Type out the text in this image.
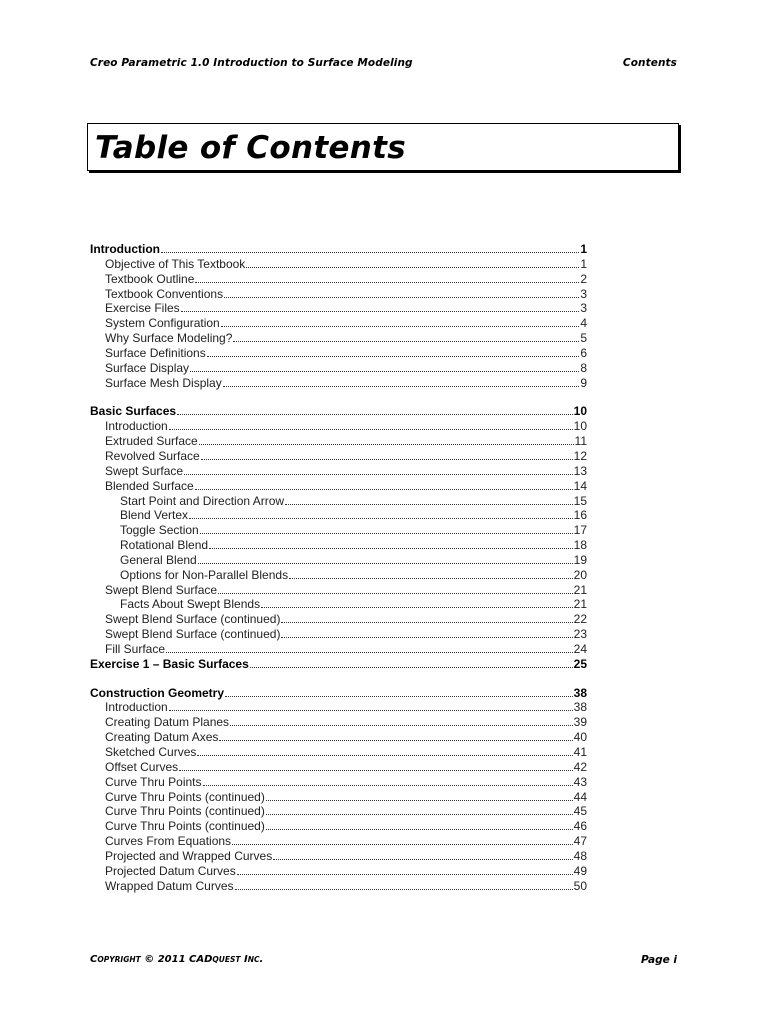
Creo Parametric 1.0 Introduction to Surface Modeling	Contents
Table of Contents
Introduction	1
Objective of This Textbook	1
Textbook Outline	2
Textbook Conventions	3
Exercise Files	3
System Configuration	4
Why Surface Modeling?	5
Surface Definitions	6
Surface Display	8
Surface Mesh Display	9
Basic Surfaces	10
Introduction	10
Extruded Surface	11
Revolved Surface	12
Swept Surface	13
Blended Surface	14
Start Point and Direction Arrow	15
Blend Vertex	16
Toggle Section	17
Rotational Blend	18
General Blend	19
Options for Non-Parallel Blends	20
Swept Blend Surface	21
Facts About Swept Blends	21
Swept Blend Surface (continued)	22
Swept Blend Surface (continued)	23
Fill Surface	24
Exercise 1 – Basic Surfaces	25
Construction Geometry	38
Introduction	38
Creating Datum Planes	39
Creating Datum Axes	40
Sketched Curves	41
Offset Curves	42
Curve Thru Points	43
Curve Thru Points (continued)	44
Curve Thru Points (continued)	45
Curve Thru Points (continued)	46
Curves From Equations	47
Projected and Wrapped Curves	48
Projected Datum Curves	49
Wrapped Datum Curves	50
COPYRIGHT © 2011 CADQUEST INC.	Page i
